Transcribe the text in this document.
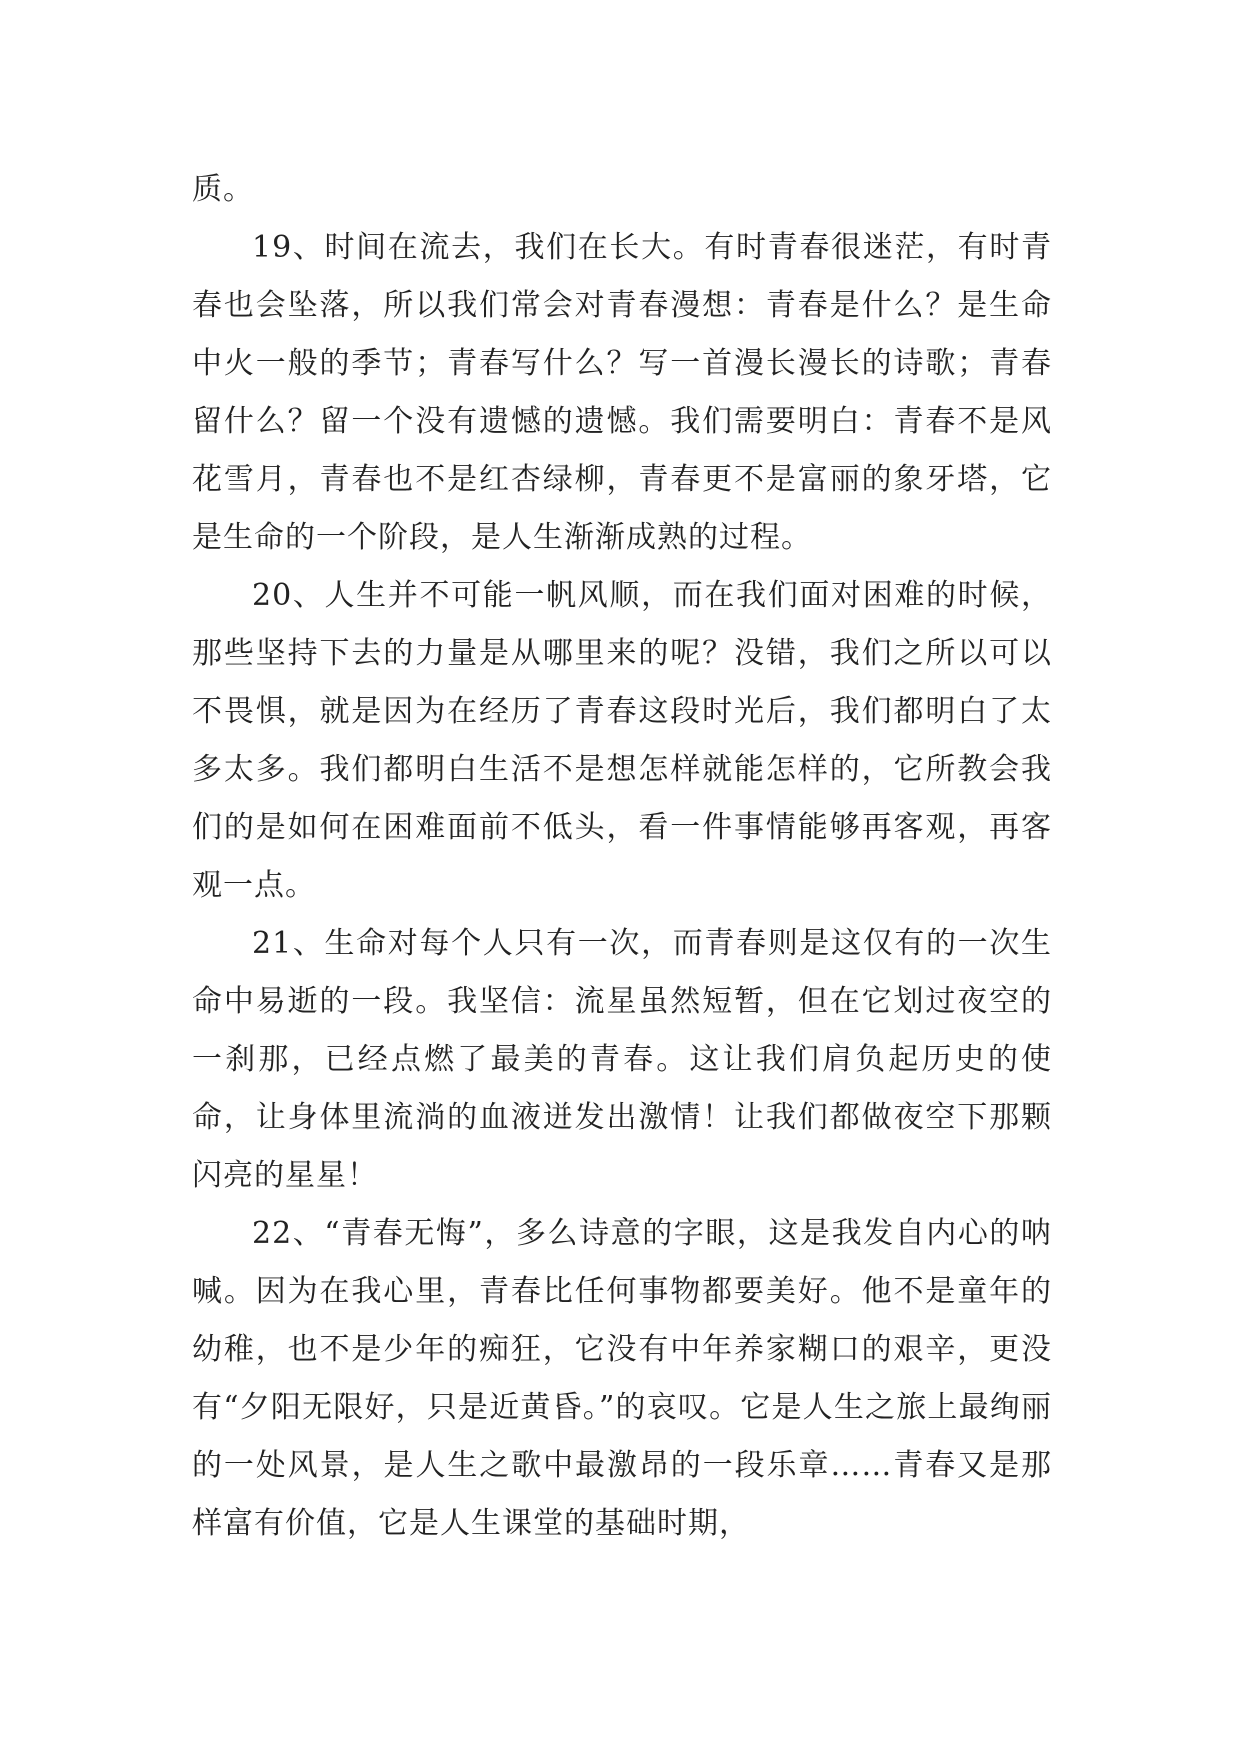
质。

19、时间在流去，我们在长大。有时青春很迷茫，有时青春也会坠落，所以我们常会对青春漫想：青春是什么？是生命中火一般的季节；青春写什么？写一首漫长漫长的诗歌；青春留什么？留一个没有遗憾的遗憾。我们需要明白：青春不是风花雪月，青春也不是红杏绿柳，青春更不是富丽的象牙塔，它是生命的一个阶段，是人生渐渐成熟的过程。

20、人生并不可能一帆风顺，而在我们面对困难的时候，那些坚持下去的力量是从哪里来的呢？没错，我们之所以可以不畏惧，就是因为在经历了青春这段时光后，我们都明白了太多太多。我们都明白生活不是想怎样就能怎样的，它所教会我们的是如何在困难面前不低头，看一件事情能够再客观，再客观一点。

21、生命对每个人只有一次，而青春则是这仅有的一次生命中易逝的一段。我坚信：流星虽然短暂，但在它划过夜空的一刹那，已经点燃了最美的青春。这让我们肩负起历史的使命，让身体里流淌的血液迸发出激情！让我们都做夜空下那颗闪亮的星星！

22、“青春无悔”，多么诗意的字眼，这是我发自内心的呐喊。因为在我心里，青春比任何事物都要美好。他不是童年的幼稚，也不是少年的痴狂，它没有中年养家糊口的艰辛，更没有“夕阳无限好，只是近黄昏。”的哀叹。它是人生之旅上最绚丽的一处风景，是人生之歌中最激昂的一段乐章……青春又是那样富有价值，它是人生课堂的基础时期，
